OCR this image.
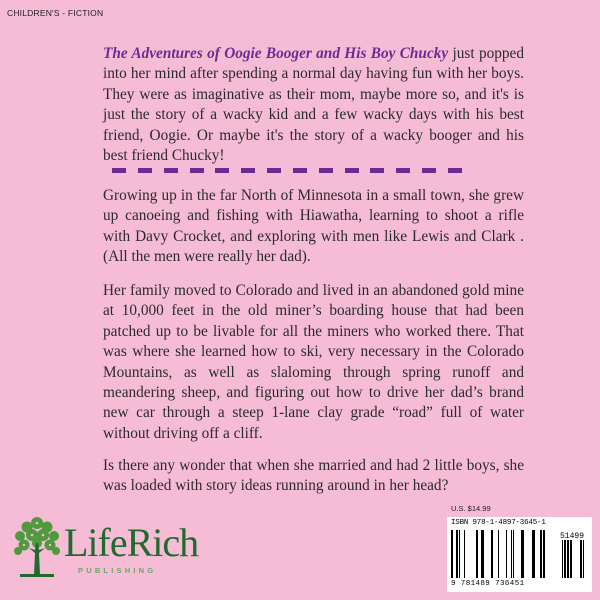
CHILDREN'S - FICTION
The Adventures of Oogie Booger and His Boy Chucky just popped into her mind after spending a normal day having fun with her boys. They were as imaginative as their mom, maybe more so, and it's is just the story of a wacky kid and a few wacky days with his best friend, Oogie. Or maybe it's the story of a wacky booger and his best friend Chucky!
Growing up in the far North of Minnesota in a small town, she grew up canoeing and fishing with Hiawatha, learning to shoot a rifle with Davy Crocket, and exploring with men like Lewis and Clark . (All the men were really her dad).
Her family moved to Colorado and lived in an abandoned gold mine at 10,000 feet in the old miner’s boarding house that had been patched up to be livable for all the miners who worked there. That was where she learned how to ski, very necessary in the Colorado Mountains, as well as slaloming through spring runoff and meandering sheep, and figuring out how to drive her dad’s brand new car through a steep 1-lane clay grade “road” full of water without driving off a cliff.
Is there any wonder that when she married and had 2 little boys, she was loaded with story ideas running around in her head?
LifeRich
PUBLISHING
U.S. $14.99
ISBN 978-1-4897-3645-1
51499
9 781489 736451
